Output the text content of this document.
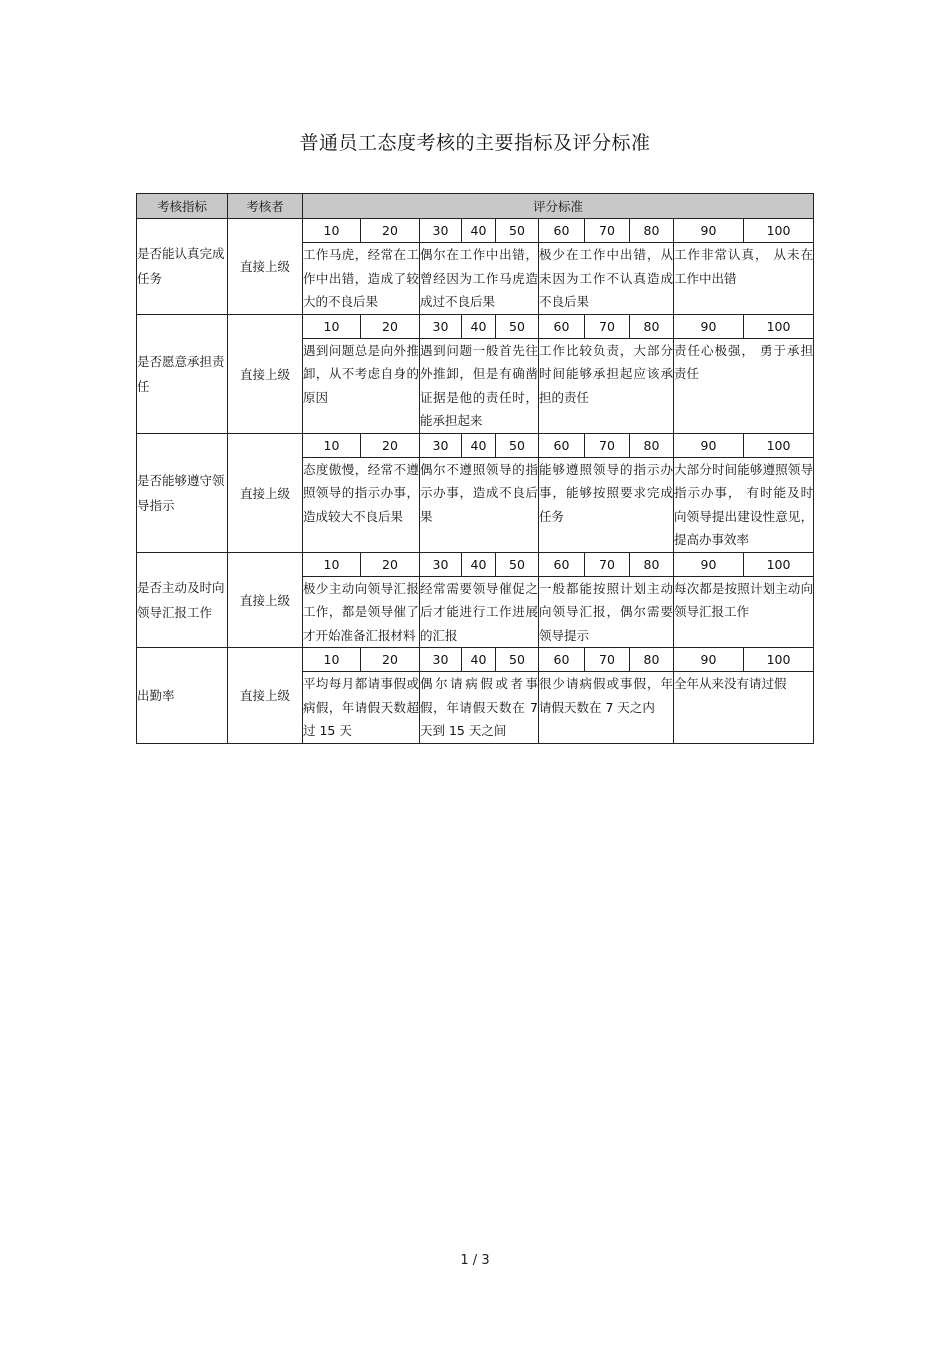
普通员工态度考核的主要指标及评分标准
考核指标	考核者	评分标准									
是否能认真完成任务	直接上级	10	20	30	40	50	60	70	80	90	100
		工作马虎，经常在工作中出错，造成了较大的不良后果		偶尔在工作中出错，曾经因为工作马虎造成过不良后果			极少在工作中出错，从未因为工作不认真造成不良后果			工作非常认真， 从未在工作中出错	
是否愿意承担责任	直接上级	10	20	30	40	50	60	70	80	90	100
		遇到问题总是向外推卸，从不考虑自身的原因		遇到问题一般首先往外推卸，但是有确凿证据是他的责任时，能承担起来			工作比较负责，大部分时间能够承担起应该承担的责任			责任心极强， 勇于承担责任	
是否能够遵守领导指示	直接上级	10	20	30	40	50	60	70	80	90	100
		态度傲慢，经常不遵照领导的指示办事，造成较大不良后果		偶尔不遵照领导的指示办事，造成不良后果			能够遵照领导的指示办事，能够按照要求完成任务			大部分时间能够遵照领导指示办事， 有时能及时向领导提出建设性意见， 提高办事效率	
是否主动及时向领导汇报工作	直接上级	10	20	30	40	50	60	70	80	90	100
		极少主动向领导汇报工作，都是领导催了才开始准备汇报材料		经常需要领导催促之后才能进行工作进展的汇报			一般都能按照计划主动向领导汇报，偶尔需要领导提示			每次都是按照计划主动向领导汇报工作	
出勤率	直接上级	10	20	30	40	50	60	70	80	90	100
		平均每月都请事假或病假，年请假天数超过 15 天		偶尔请病假或者事假，年请假天数在 7 天到 15 天之间			很少请病假或事假，年请假天数在 7 天之内			全年从来没有请过假	
1 / 3
